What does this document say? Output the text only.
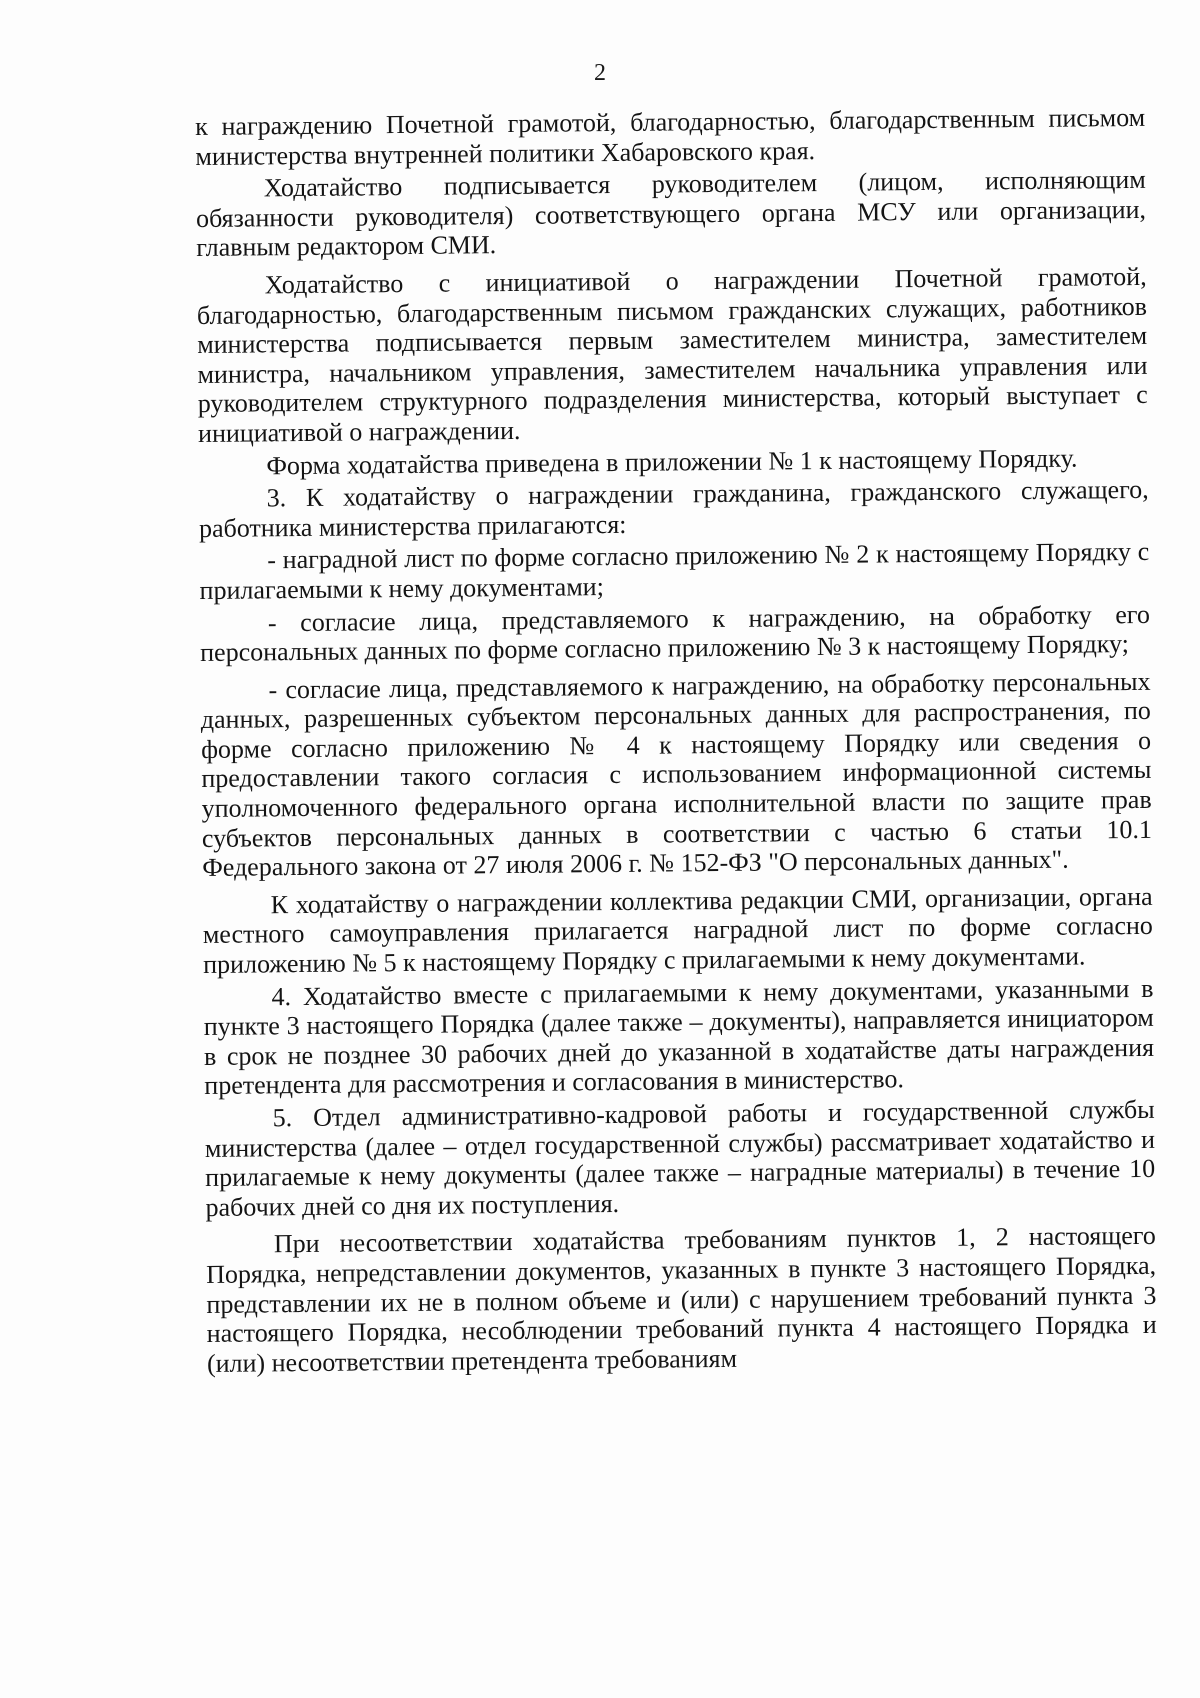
2

к награждению Почетной грамотой, благодарностью, благодарственным письмом министерства внутренней политики Хабаровского края.

Ходатайство подписывается руководителем (лицом, исполняющим обязанности руководителя) соответствующего органа МСУ или организации, главным редактором СМИ.

Ходатайство с инициативой о награждении Почетной грамотой, благодарностью, благодарственным письмом гражданских служащих, работников министерства подписывается первым заместителем министра, заместителем министра, начальником управления, заместителем начальника управления или руководителем структурного подразделения министерства, который выступает с инициативой о награждении.

Форма ходатайства приведена в приложении № 1 к настоящему Порядку.

3. К ходатайству о награждении гражданина, гражданского служащего, работника министерства прилагаются:

- наградной лист по форме согласно приложению № 2 к настоящему Порядку с прилагаемыми к нему документами;

- согласие лица, представляемого к награждению, на обработку его персональных данных по форме согласно приложению № 3 к настоящему Порядку;

- согласие лица, представляемого к награждению, на обработку персональных данных, разрешенных субъектом персональных данных для распространения, по форме согласно приложению № 4 к настоящему Порядку или сведения о предоставлении такого согласия с использованием информационной системы уполномоченного федерального органа исполнительной власти по защите прав субъектов персональных данных в соответствии с частью 6 статьи 10.1 Федерального закона от 27 июля 2006 г. № 152-ФЗ "О персональных данных".

К ходатайству о награждении коллектива редакции СМИ, организации, органа местного самоуправления прилагается наградной лист по форме согласно приложению № 5 к настоящему Порядку с прилагаемыми к нему документами.

4. Ходатайство вместе с прилагаемыми к нему документами, указанными в пункте 3 настоящего Порядка (далее также – документы), направляется инициатором в срок не позднее 30 рабочих дней до указанной в ходатайстве даты награждения претендента для рассмотрения и согласования в министерство.

5. Отдел административно-кадровой работы и государственной службы министерства (далее – отдел государственной службы) рассматривает ходатайство и прилагаемые к нему документы (далее также – наградные материалы) в течение 10 рабочих дней со дня их поступления.

При несоответствии ходатайства требованиям пунктов 1, 2 настоящего Порядка, непредставлении документов, указанных в пункте 3 настоящего Порядка, представлении их не в полном объеме и (или) с нарушением требований пункта 3 настоящего Порядка, несоблюдении требований пункта 4 настоящего Порядка и (или) несоответствии претендента требованиям
